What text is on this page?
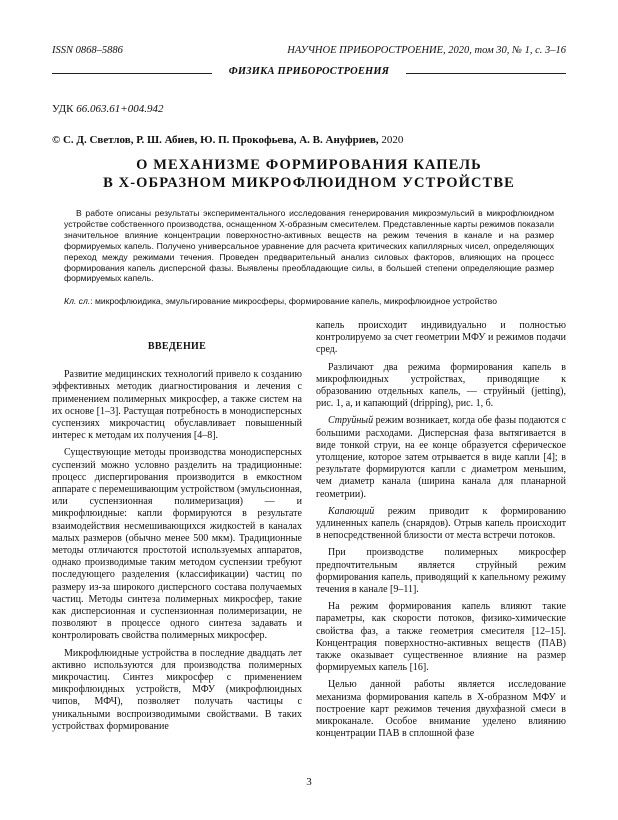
ISSN 0868–5886	НАУЧНОЕ ПРИБОРОСТРОЕНИЕ, 2020, том 30, № 1, с. 3–16
ФИЗИКА ПРИБОРОСТРОЕНИЯ
УДК 66.063.61+004.942
© С. Д. Светлов, Р. Ш. Абиев, Ю. П. Прокофьева, А. В. Ануфриев, 2020
О МЕХАНИЗМЕ ФОРМИРОВАНИЯ КАПЕЛЬ
В Х-ОБРАЗНОМ МИКРОФЛЮИДНОМ УСТРОЙСТВЕ
В работе описаны результаты экспериментального исследования генерирования микроэмульсий в микрофлюидном устройстве собственного производства, оснащенном Х-образным смесителем. Представленные карты режимов показали значительное влияние концентрации поверхностно-активных веществ на режим течения в канале и на размер формируемых капель. Получено универсальное уравнение для расчета критических капиллярных чисел, определяющих переход между режимами течения. Проведен предварительный анализ силовых факторов, влияющих на процесс формирования капель дисперсной фазы. Выявлены преобладающие силы, в большей степени определяющие размер формируемых капель.
Кл. сл.: микрофлюидика, эмульгирование микросферы, формирование капель, микрофлюидное устройство
ВВЕДЕНИЕ

Развитие медицинских технологий привело к созданию эффективных методик диагностирования и лечения с применением полимерных микросфер, а также систем на их основе [1–3]. Растущая потребность в монодисперсных суспензиях микрочастиц обуславливает повышенный интерес к методам их получения [4–8].

Существующие методы производства монодисперсных суспензий можно условно разделить на традиционные: процесс диспергирования производится в емкостном аппарате с перемешивающим устройством (эмульсионная, или суспензионная полимеризация) — и микрофлюидные: капли формируются в результате взаимодействия несмешивающихся жидкостей в каналах малых размеров (обычно менее 500 мкм). Традиционные методы отличаются простотой используемых аппаратов, однако производимые таким методом суспензии требуют последующего разделения (классификации) частиц по размеру из-за широкого дисперсного состава получаемых частиц. Методы синтеза полимерных микросфер, такие как дисперсионная и суспензионная полимеризации, не позволяют в процессе одного синтеза задавать и контролировать свойства полимерных микросфер.

Микрофлюидные устройства в последние двадцать лет активно используются для производства полимерных микрочастиц. Синтез микросфер с применением микрофлюидных устройств, МФУ (микрофлюидных чипов, МФЧ), позволяет получать частицы с уникальными воспроизводимыми свойствами. В таких устройствах формирование

капель происходит индивидуально и полностью контролируемо за счет геометрии МФУ и режимов подачи сред.

Различают два режима формирования капель в микрофлюидных устройствах, приводящие к образованию отдельных капель, — струйный (jetting), рис. 1, а, и капающий (dripping), рис. 1, б.

Струйный режим возникает, когда обе фазы подаются с большими расходами. Дисперсная фаза вытягивается в виде тонкой струи, на ее конце образуется сферическое утолщение, которое затем отрывается в виде капли [4]; в результате формируются капли с диаметром меньшим, чем диаметр канала (ширина канала для планарной геометрии).

Капающий режим приводит к формированию удлиненных капель (снарядов). Отрыв капель происходит в непосредственной близости от места встречи потоков.

При производстве полимерных микросфер предпочтительным является струйный режим формирования капель, приводящий к капельному режиму течения в канале [9–11].

На режим формирования капель влияют такие параметры, как скорости потоков, физико-химические свойства фаз, а также геометрия смесителя [12–15]. Концентрация поверхностно-активных веществ (ПАВ) также оказывает существенное влияние на размер формируемых капель [16].

Целью данной работы является исследование механизма формирования капель в Х-образном МФУ и построение карт режимов течения двухфазной смеси в микроканале. Особое внимание уделено влиянию концентрации ПАВ в сплошной фазе

3
